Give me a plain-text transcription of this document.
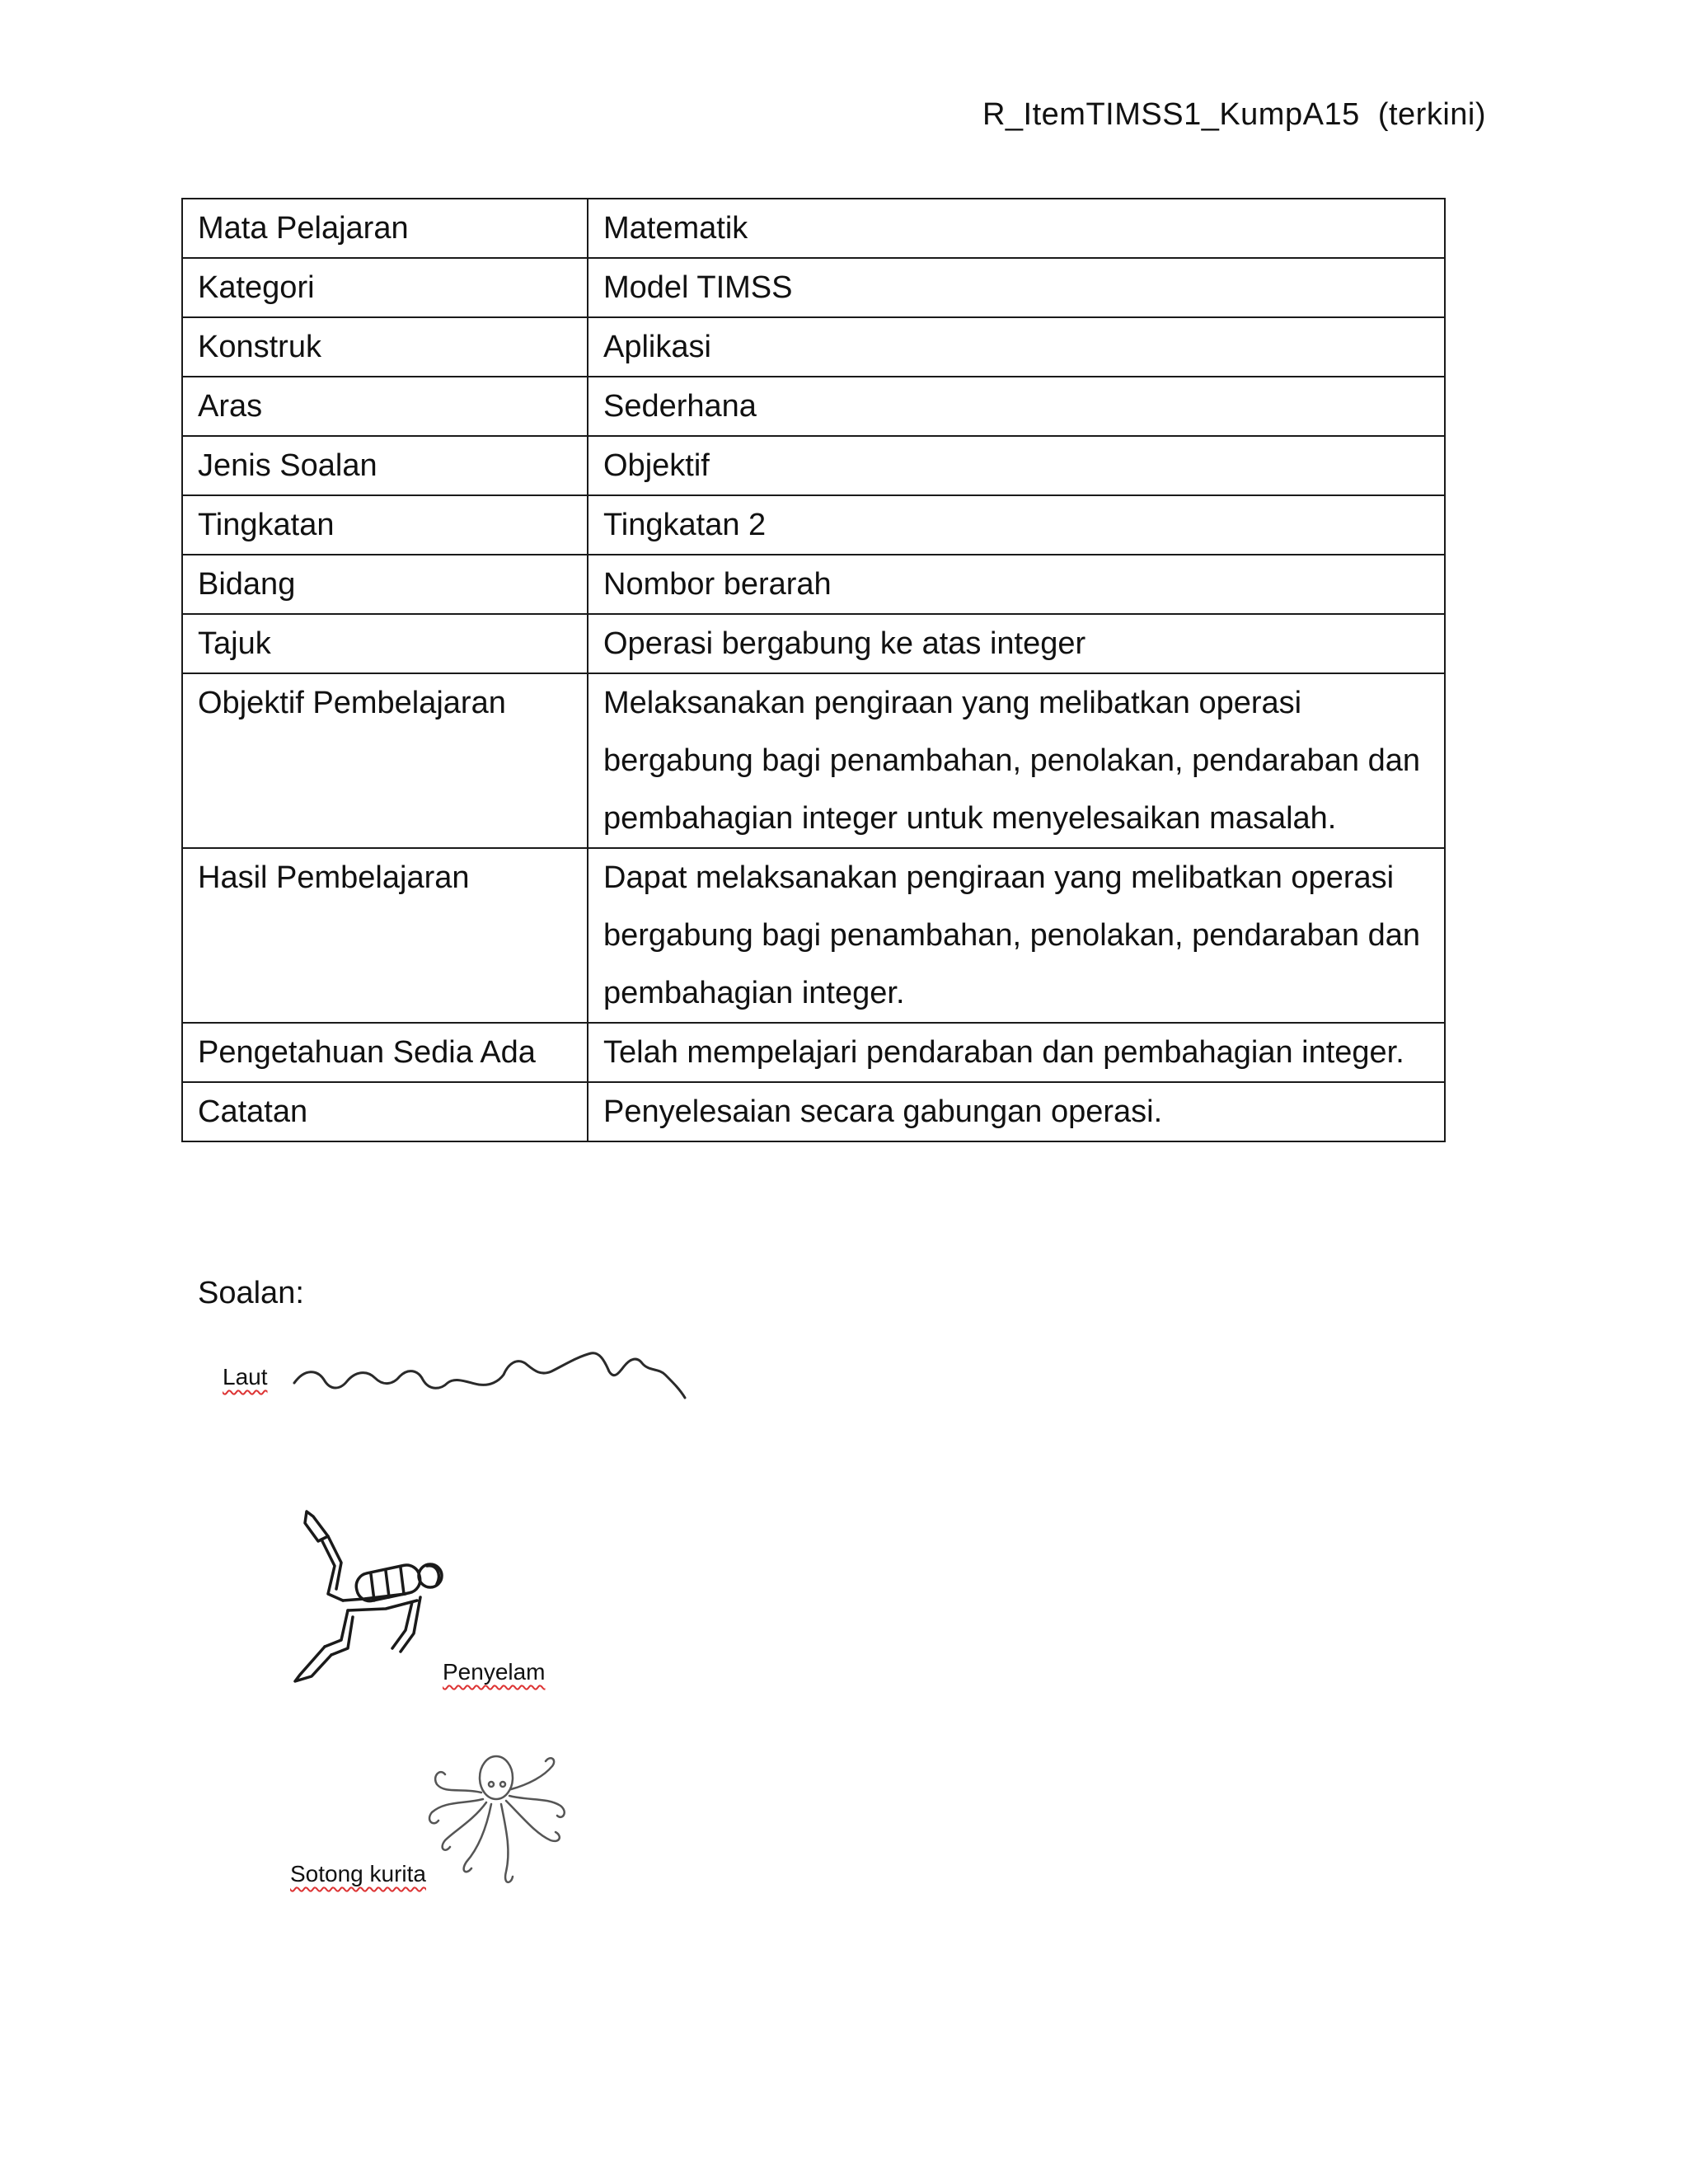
R_ItemTIMSS1_KumpA15  (terkini)
Mata Pelajaran	Matematik
Kategori	Model TIMSS
Konstruk	Aplikasi
Aras	Sederhana
Jenis Soalan	Objektif
Tingkatan	Tingkatan 2
Bidang	Nombor berarah
Tajuk	Operasi bergabung ke atas integer
Objektif Pembelajaran	Melaksanakan pengiraan yang melibatkan operasi bergabung bagi penambahan, penolakan, pendaraban dan pembahagian integer untuk menyelesaikan masalah.
Hasil Pembelajaran	Dapat melaksanakan pengiraan yang melibatkan operasi bergabung bagi penambahan, penolakan, pendaraban dan pembahagian integer.
Pengetahuan Sedia Ada	Telah mempelajari pendaraban dan pembahagian integer.
Catatan	Penyelesaian secara gabungan operasi.
Soalan:
Laut
Penyelam
Sotong kurita
